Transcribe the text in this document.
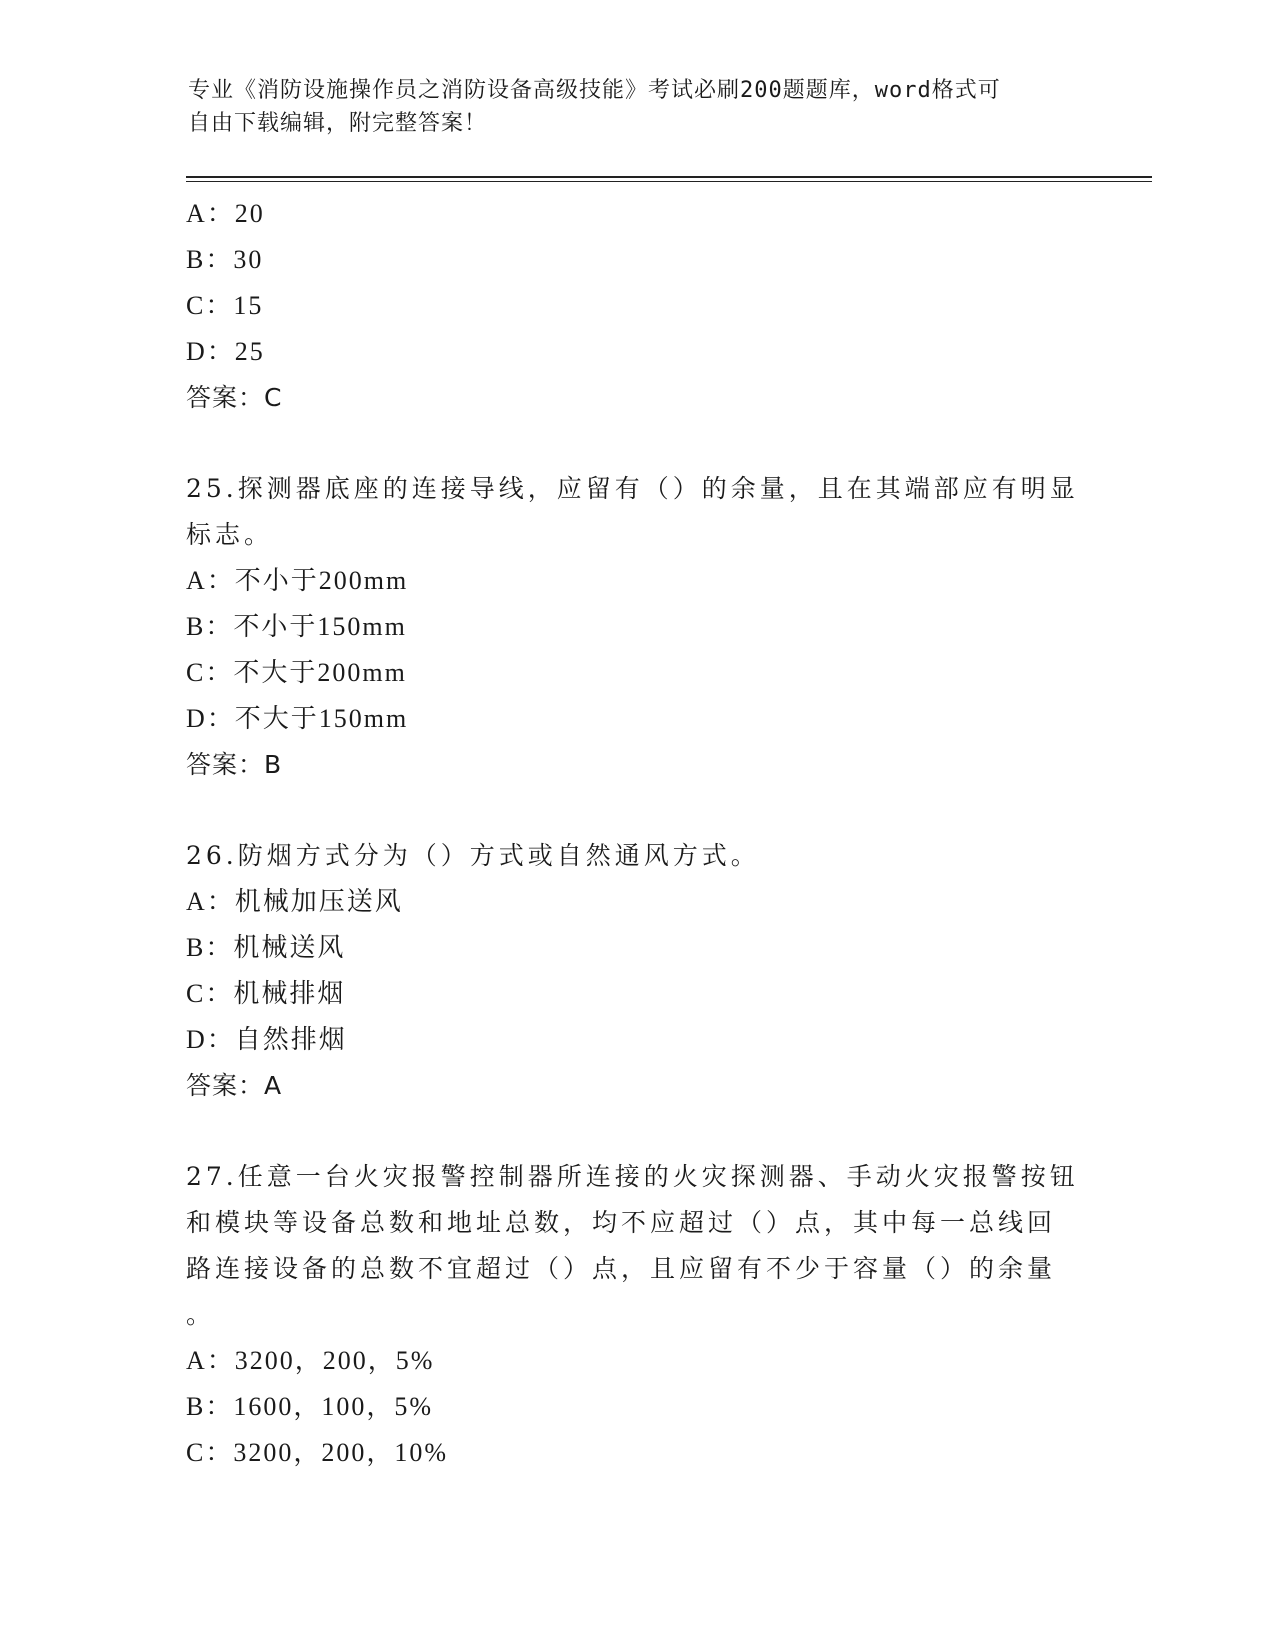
专业《消防设施操作员之消防设备高级技能》考试必刷200题题库，word格式可
自由下载编辑，附完整答案！
A：20
B：30
C：15
D：25
答案：C
25.探测器底座的连接导线，应留有（）的余量，且在其端部应有明显
标志。
A：不小于200mm
B：不小于150mm
C：不大于200mm
D：不大于150mm
答案：B
26.防烟方式分为（）方式或自然通风方式。
A：机械加压送风
B：机械送风
C：机械排烟
D：自然排烟
答案：A
27.任意一台火灾报警控制器所连接的火灾探测器、手动火灾报警按钮
和模块等设备总数和地址总数，均不应超过（）点，其中每一总线回
路连接设备的总数不宜超过（）点，且应留有不少于容量（）的余量
。
A：3200，200，5%
B：1600，100，5%
C：3200，200，10%
